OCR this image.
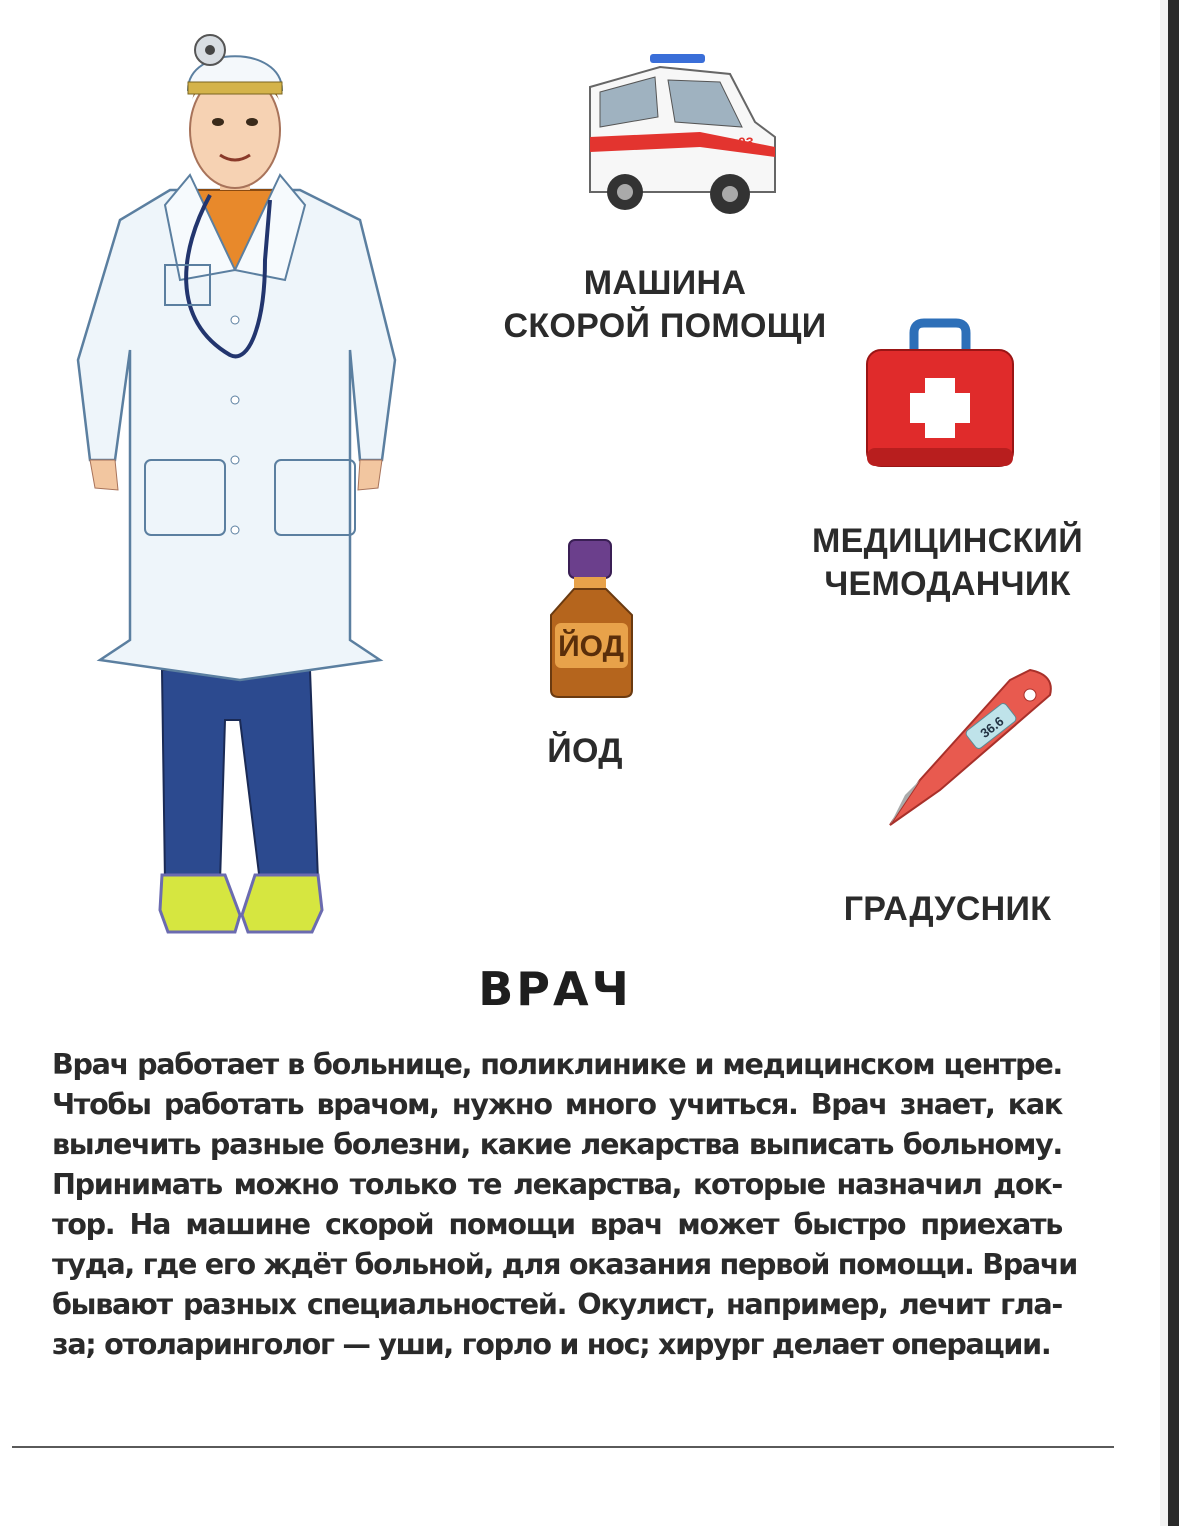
03
МАШИНА
СКОРОЙ ПОМОЩИ
МЕДИЦИНСКИЙ
ЧЕМОДАНЧИК
ЙОД
ЙОД
36.6
ГРАДУСНИК
ВРАЧ
Врач работает в больнице, поликлинике и медицинском центре.
Чтобы работать врачом, нужно много учиться. Врач знает, как
вылечить разные болезни, какие лекарства выписать больному.
Принимать можно только те лекарства, которые назначил док-
тор. На машине скорой помощи врач может быстро приехать
туда, где его ждёт больной, для оказания первой помощи. Врачи
бывают разных специальностей. Окулист, например, лечит гла-
за; отоларинголог — уши, горло и нос; хирург делает операции.
